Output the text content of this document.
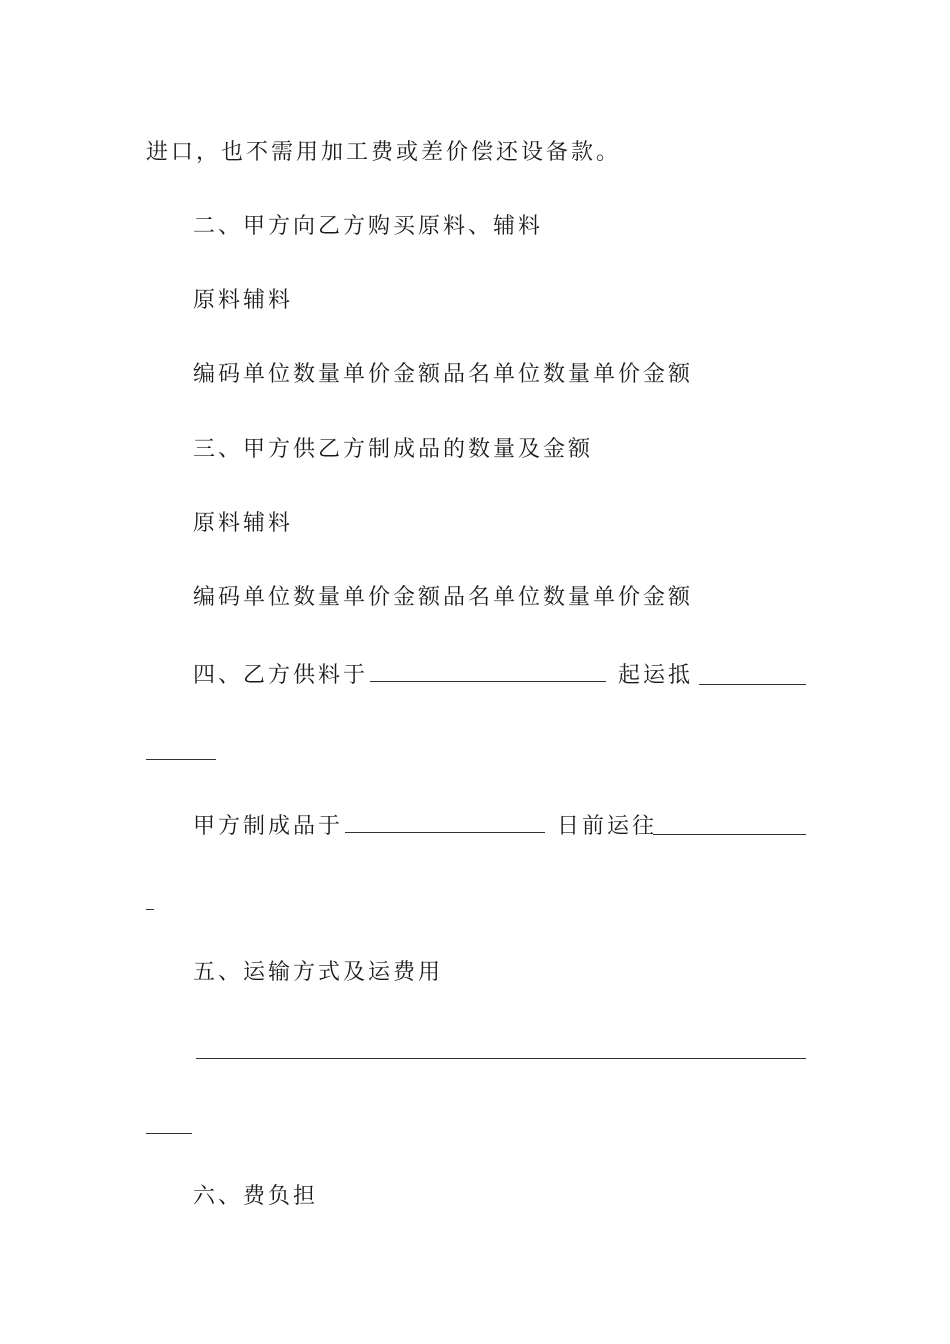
进口，也不需用加工费或差价偿还设备款。
二、甲方向乙方购买原料、辅料
原料辅料
编码单位数量单价金额品名单位数量单价金额
三、甲方供乙方制成品的数量及金额
原料辅料
编码单位数量单价金额品名单位数量单价金额
四、乙方供料于	起运抵
甲方制成品于	日前运往
五、运输方式及运费用
六、费负担
